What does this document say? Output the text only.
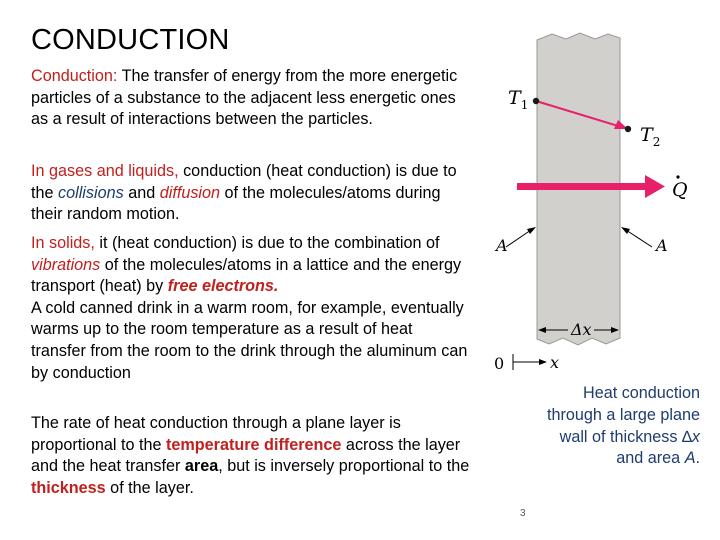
CONDUCTION
Conduction: The transfer of energy from the more energetic particles of a substance to the adjacent less energetic ones as a result of interactions between the particles.
In gases and liquids, conduction (heat conduction) is due to the collisions and diffusion of the molecules/atoms during their random motion.
In solids, it (heat conduction) is due to the combination of vibrations of the molecules/atoms in a lattice and the energy transport (heat) by free electrons.
A cold canned drink in a warm room, for example, eventually warms up to the room temperature as a result of heat transfer from the room to the drink through the aluminum can by conduction
The rate of heat conduction through a plane layer is proportional to the temperature difference across the layer and the heat transfer area, but is inversely proportional to the thickness of the layer.
$T_1$
$T_2$
Q
A	A
Δx
0	x
Heat conduction
through a large plane
wall of thickness ∆x
and area A.
3
